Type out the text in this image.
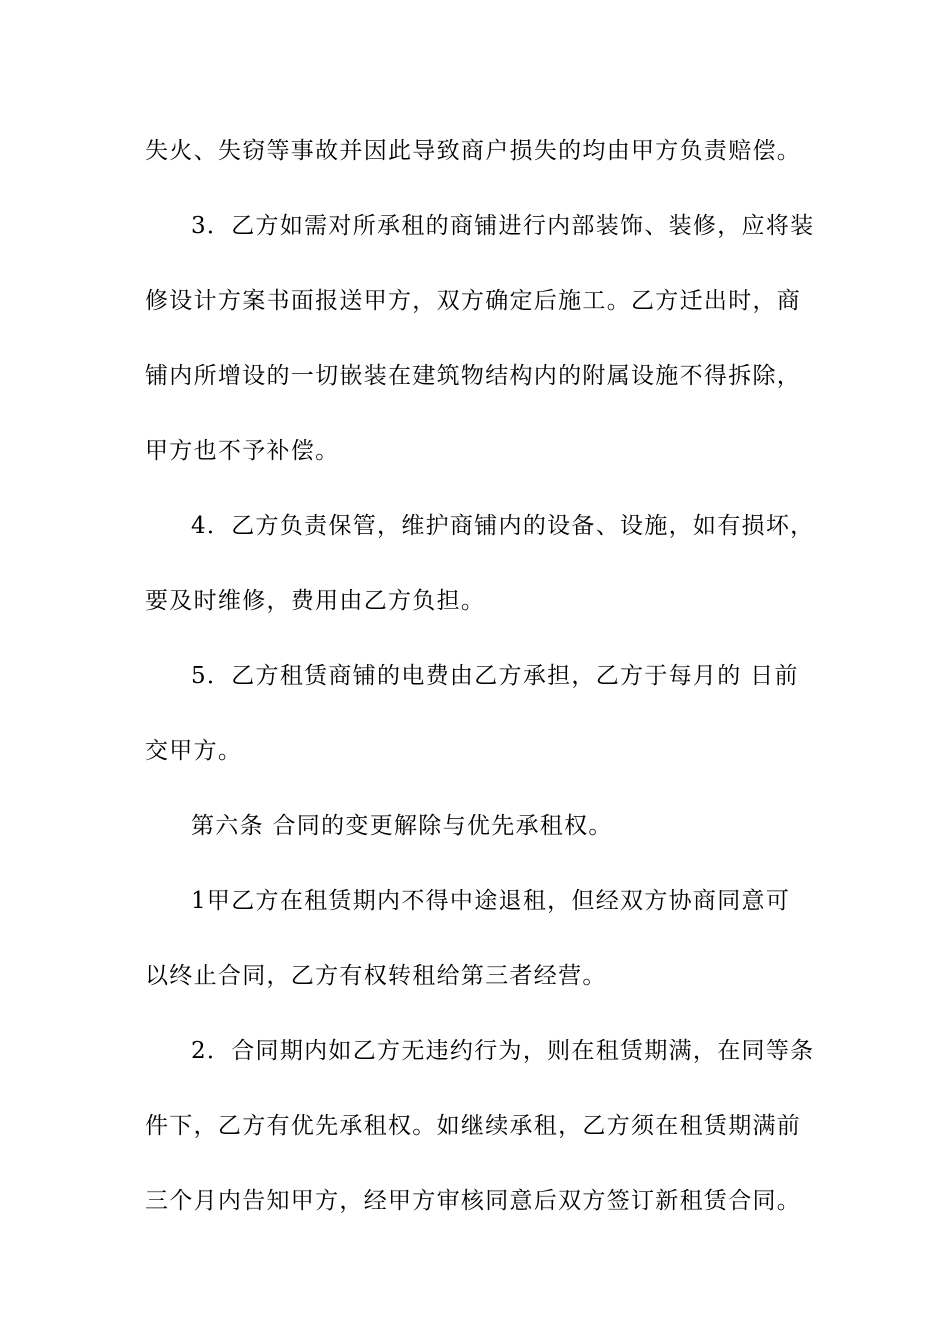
失火、失窃等事故并因此导致商户损失的均由甲方负责赔偿。
3．乙方如需对所承租的商铺进行内部装饰、装修，应将装
修设计方案书面报送甲方，双方确定后施工。乙方迁出时，商
铺内所增设的一切嵌装在建筑物结构内的附属设施不得拆除，
甲方也不予补偿。
4．乙方负责保管，维护商铺内的设备、设施，如有损坏，
要及时维修，费用由乙方负担。
5．乙方租赁商铺的电费由乙方承担，乙方于每月的 日前
交甲方。
第六条 合同的变更解除与优先承租权。
1甲乙方在租赁期内不得中途退租，但经双方协商同意可
以终止合同，乙方有权转租给第三者经营。
2．合同期内如乙方无违约行为，则在租赁期满，在同等条
件下，乙方有优先承租权。如继续承租，乙方须在租赁期满前
三个月内告知甲方，经甲方审核同意后双方签订新租赁合同。
